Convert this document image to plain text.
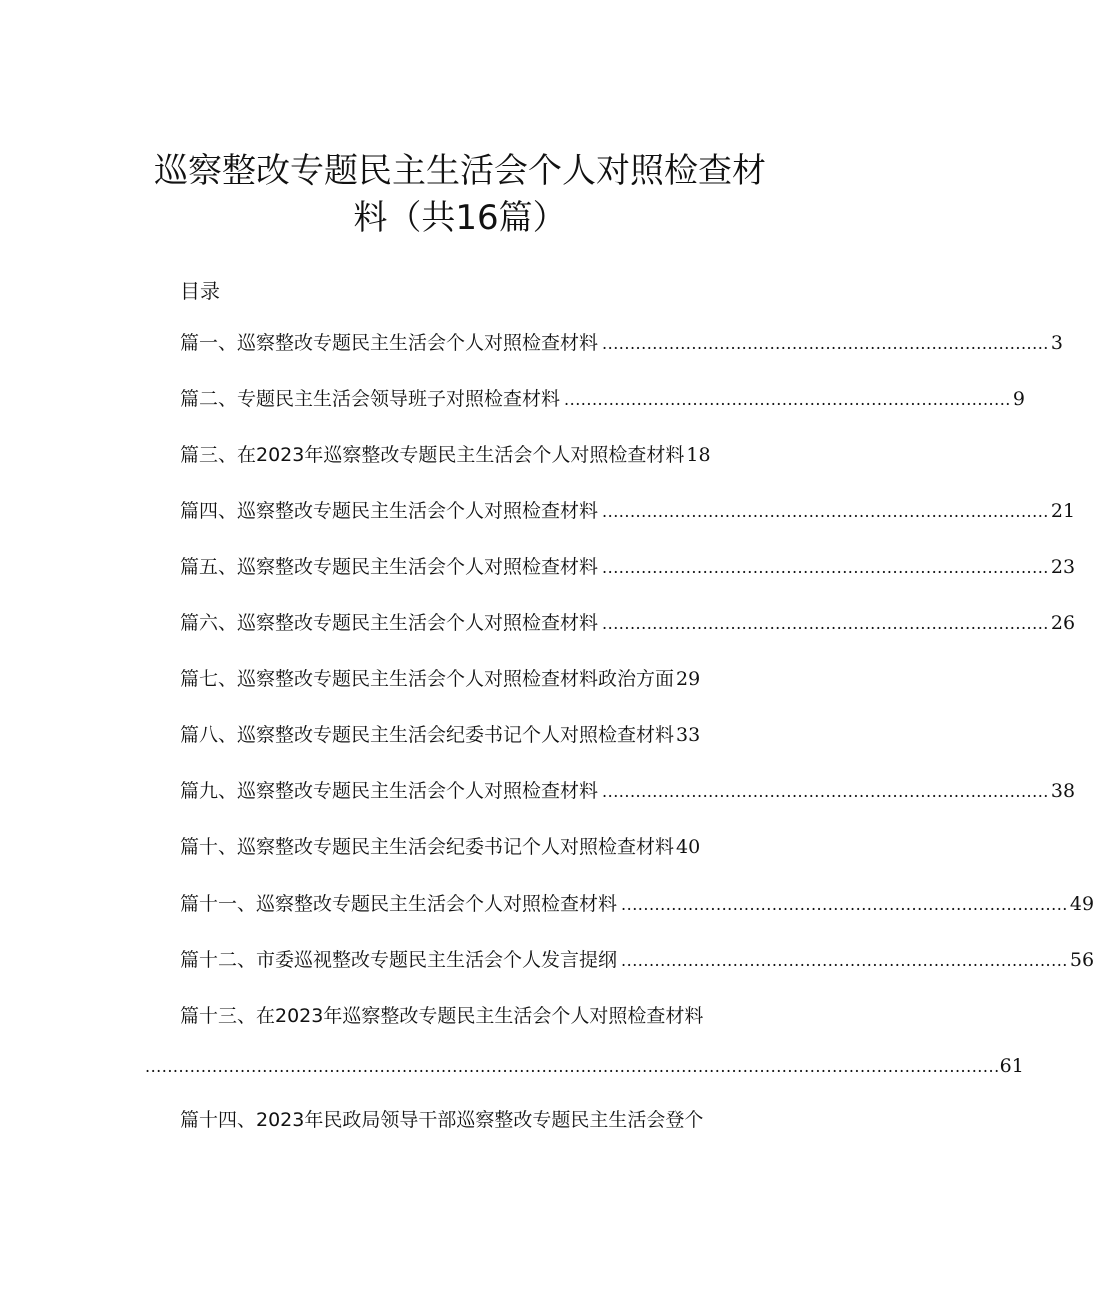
巡察整改专题民主生活会个人对照检查材
料（共16篇）
目录
篇一、巡察整改专题民主生活会个人对照检查材料 ................................................................................ 3
篇二、专题民主生活会领导班子对照检查材料 ................................................................................ 9
篇三、在2023年巡察整改专题民主生活会个人对照检查材料 18
篇四、巡察整改专题民主生活会个人对照检查材料 ................................................................................ 21
篇五、巡察整改专题民主生活会个人对照检查材料 ................................................................................ 23
篇六、巡察整改专题民主生活会个人对照检查材料 ................................................................................ 26
篇七、巡察整改专题民主生活会个人对照检查材料政治方面 29
篇八、巡察整改专题民主生活会纪委书记个人对照检查材料 33
篇九、巡察整改专题民主生活会个人对照检查材料 ................................................................................ 38
篇十、巡察整改专题民主生活会纪委书记个人对照检查材料 40
篇十一、巡察整改专题民主生活会个人对照检查材料 ................................................................................ 49
篇十二、市委巡视整改专题民主生活会个人发言提纲 ................................................................................ 56
篇十三、在2023年巡察整改专题民主生活会个人对照检查材料
......................................................................................................................................................... 61
篇十四、2023年民政局领导干部巡察整改专题民主生活会登个
